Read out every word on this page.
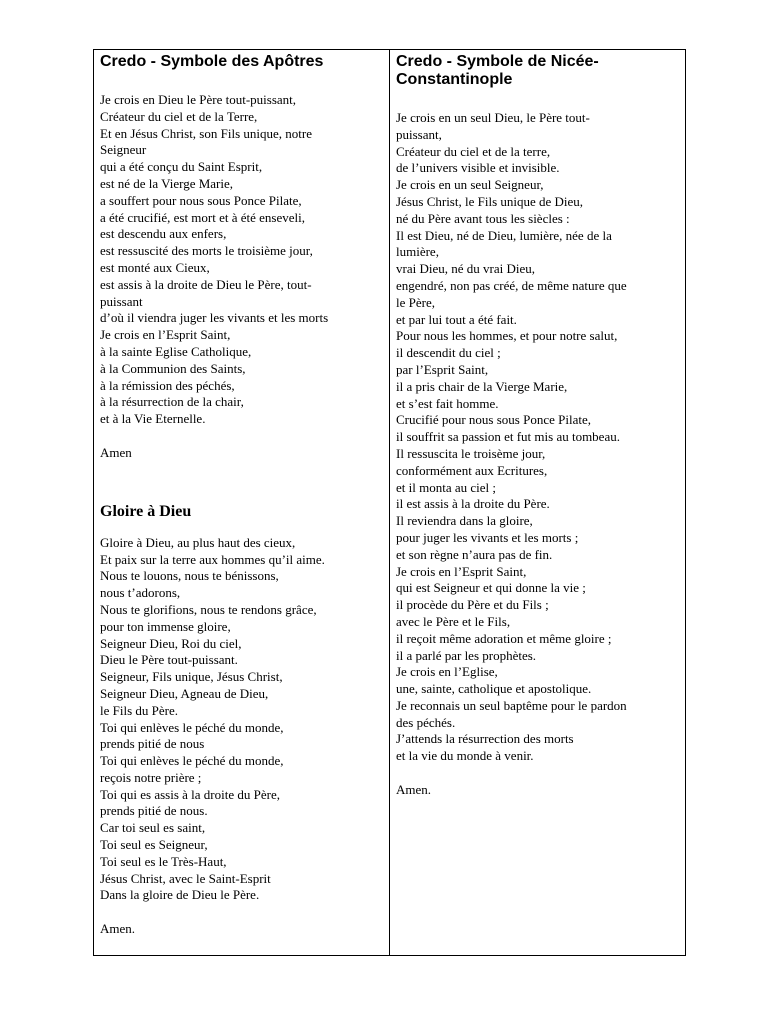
Credo - Symbole des Apôtres
Je crois en Dieu le Père tout-puissant,
Créateur du ciel et de la Terre,
Et en Jésus Christ, son Fils unique, notre
Seigneur
qui a été conçu du Saint Esprit,
est né de la Vierge Marie,
a souffert pour nous sous Ponce Pilate,
a été crucifié, est mort et à été enseveli,
est descendu aux enfers,
est ressuscité des morts le troisième jour,
est monté aux Cieux,
est assis à la droite de Dieu le Père, tout-
puissant
d’où il viendra juger les vivants et les morts
Je crois en l’Esprit Saint,
à la sainte Eglise Catholique,
à la Communion des Saints,
à la rémission des péchés,
à la résurrection de la chair,
et à la Vie Eternelle.

Amen

Gloire à Dieu
Gloire à Dieu, au plus haut des cieux,
Et paix sur la terre aux hommes qu’il aime.
Nous te louons, nous te bénissons,
nous t’adorons,
Nous te glorifions, nous te rendons grâce,
pour ton immense gloire,
Seigneur Dieu, Roi du ciel,
Dieu le Père tout-puissant.
Seigneur, Fils unique, Jésus Christ,
Seigneur Dieu, Agneau de Dieu,
le Fils du Père.
Toi qui enlèves le péché du monde,
prends pitié de nous
Toi qui enlèves le péché du monde,
reçois notre prière ;
Toi qui es assis à la droite du Père,
prends pitié de nous.
Car toi seul es saint,
Toi seul es Seigneur,
Toi seul es le Très-Haut,
Jésus Christ, avec le Saint-Esprit
Dans la gloire de Dieu le Père.

Amen.

Credo - Symbole de Nicée-
Constantinople
Je crois en un seul Dieu, le Père tout-
puissant,
Créateur du ciel et de la terre,
de l’univers visible et invisible.
Je crois en un seul Seigneur,
Jésus Christ, le Fils unique de Dieu,
né du Père avant tous les siècles :
Il est Dieu, né de Dieu, lumière, née de la
lumière,
vrai Dieu, né du vrai Dieu,
engendré, non pas créé, de même nature que
le Père,
et par lui tout a été fait.
Pour nous les hommes, et pour notre salut,
il descendit du ciel ;
par l’Esprit Saint,
il a pris chair de la Vierge Marie,
et s’est fait homme.
Crucifié pour nous sous Ponce Pilate,
il souffrit sa passion et fut mis au tombeau.
Il ressuscita le troisème jour,
conformément aux Ecritures,
et il monta au ciel ;
il est assis à la droite du Père.
Il reviendra dans la gloire,
pour juger les vivants et les morts ;
et son règne n’aura pas de fin.
Je crois en l’Esprit Saint,
qui est Seigneur et qui donne la vie ;
il procède du Père et du Fils ;
avec le Père et le Fils,
il reçoit même adoration et même gloire ;
il a parlé par les prophètes.
Je crois en l’Eglise,
une, sainte, catholique et apostolique.
Je reconnais un seul baptême pour le pardon
des péchés.
J’attends la résurrection des morts
et la vie du monde à venir.

Amen.
